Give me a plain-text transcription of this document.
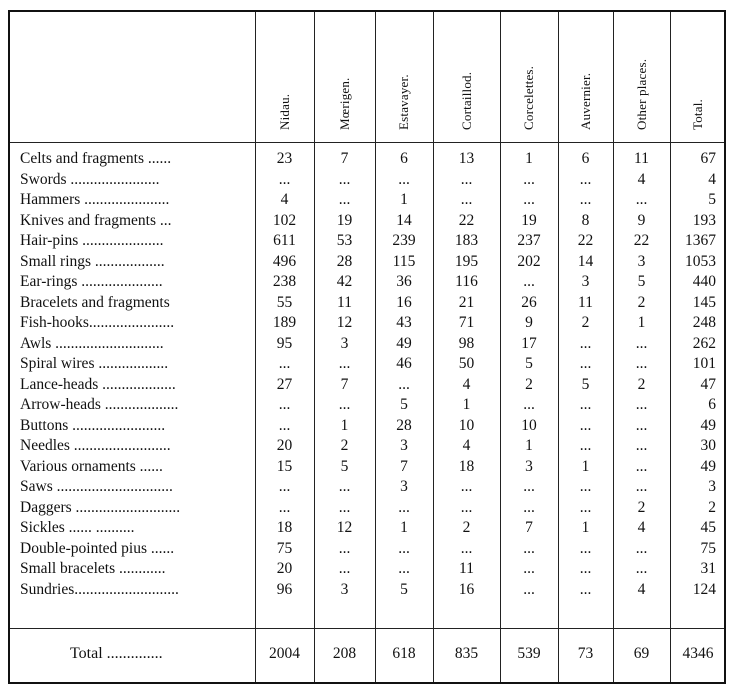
Nidau.	Mœrigen.	Estavayer.	Cortaillod.	Corcelettes.	Auvernier.	Other places.	Total.
Celts and fragments ......	23	7	6	13	1	6	11	67
Swords .......................	...	...	...	...	...	...	4	4
Hammers ......................	4	...	1	...	...	...	...	5
Knives and fragments ...	102	19	14	22	19	8	9	193
Hair-pins .....................	611	53	239	183	237	22	22	1367
Small rings ..................	496	28	115	195	202	14	3	1053
Ear-rings .....................	238	42	36	116	...	3	5	440
Bracelets and fragments	55	11	16	21	26	11	2	145
Fish-hooks......................	189	12	43	71	9	2	1	248
Awls ............................	95	3	49	98	17	...	...	262
Spiral wires ..................	...	...	46	50	5	...	...	101
Lance-heads ...................	27	7	...	4	2	5	2	47
Arrow-heads ...................	...	...	5	1	...	...	...	6
Buttons ........................	...	1	28	10	10	...	...	49
Needles .........................	20	2	3	4	1	...	...	30
Various ornaments ......	15	5	7	18	3	1	...	49
Saws ..............................	...	...	3	...	...	...	...	3
Daggers ...........................	...	...	...	...	...	...	2	2
Sickles ...... ..........	18	12	1	2	7	1	4	45
Double-pointed pius ......	75	...	...	...	...	...	...	75
Small bracelets ............	20	...	...	11	...	...	...	31
Sundries...........................	96	3	5	16	...	...	4	124
Total ..............	2004	208	618	835	539	73	69	4346
